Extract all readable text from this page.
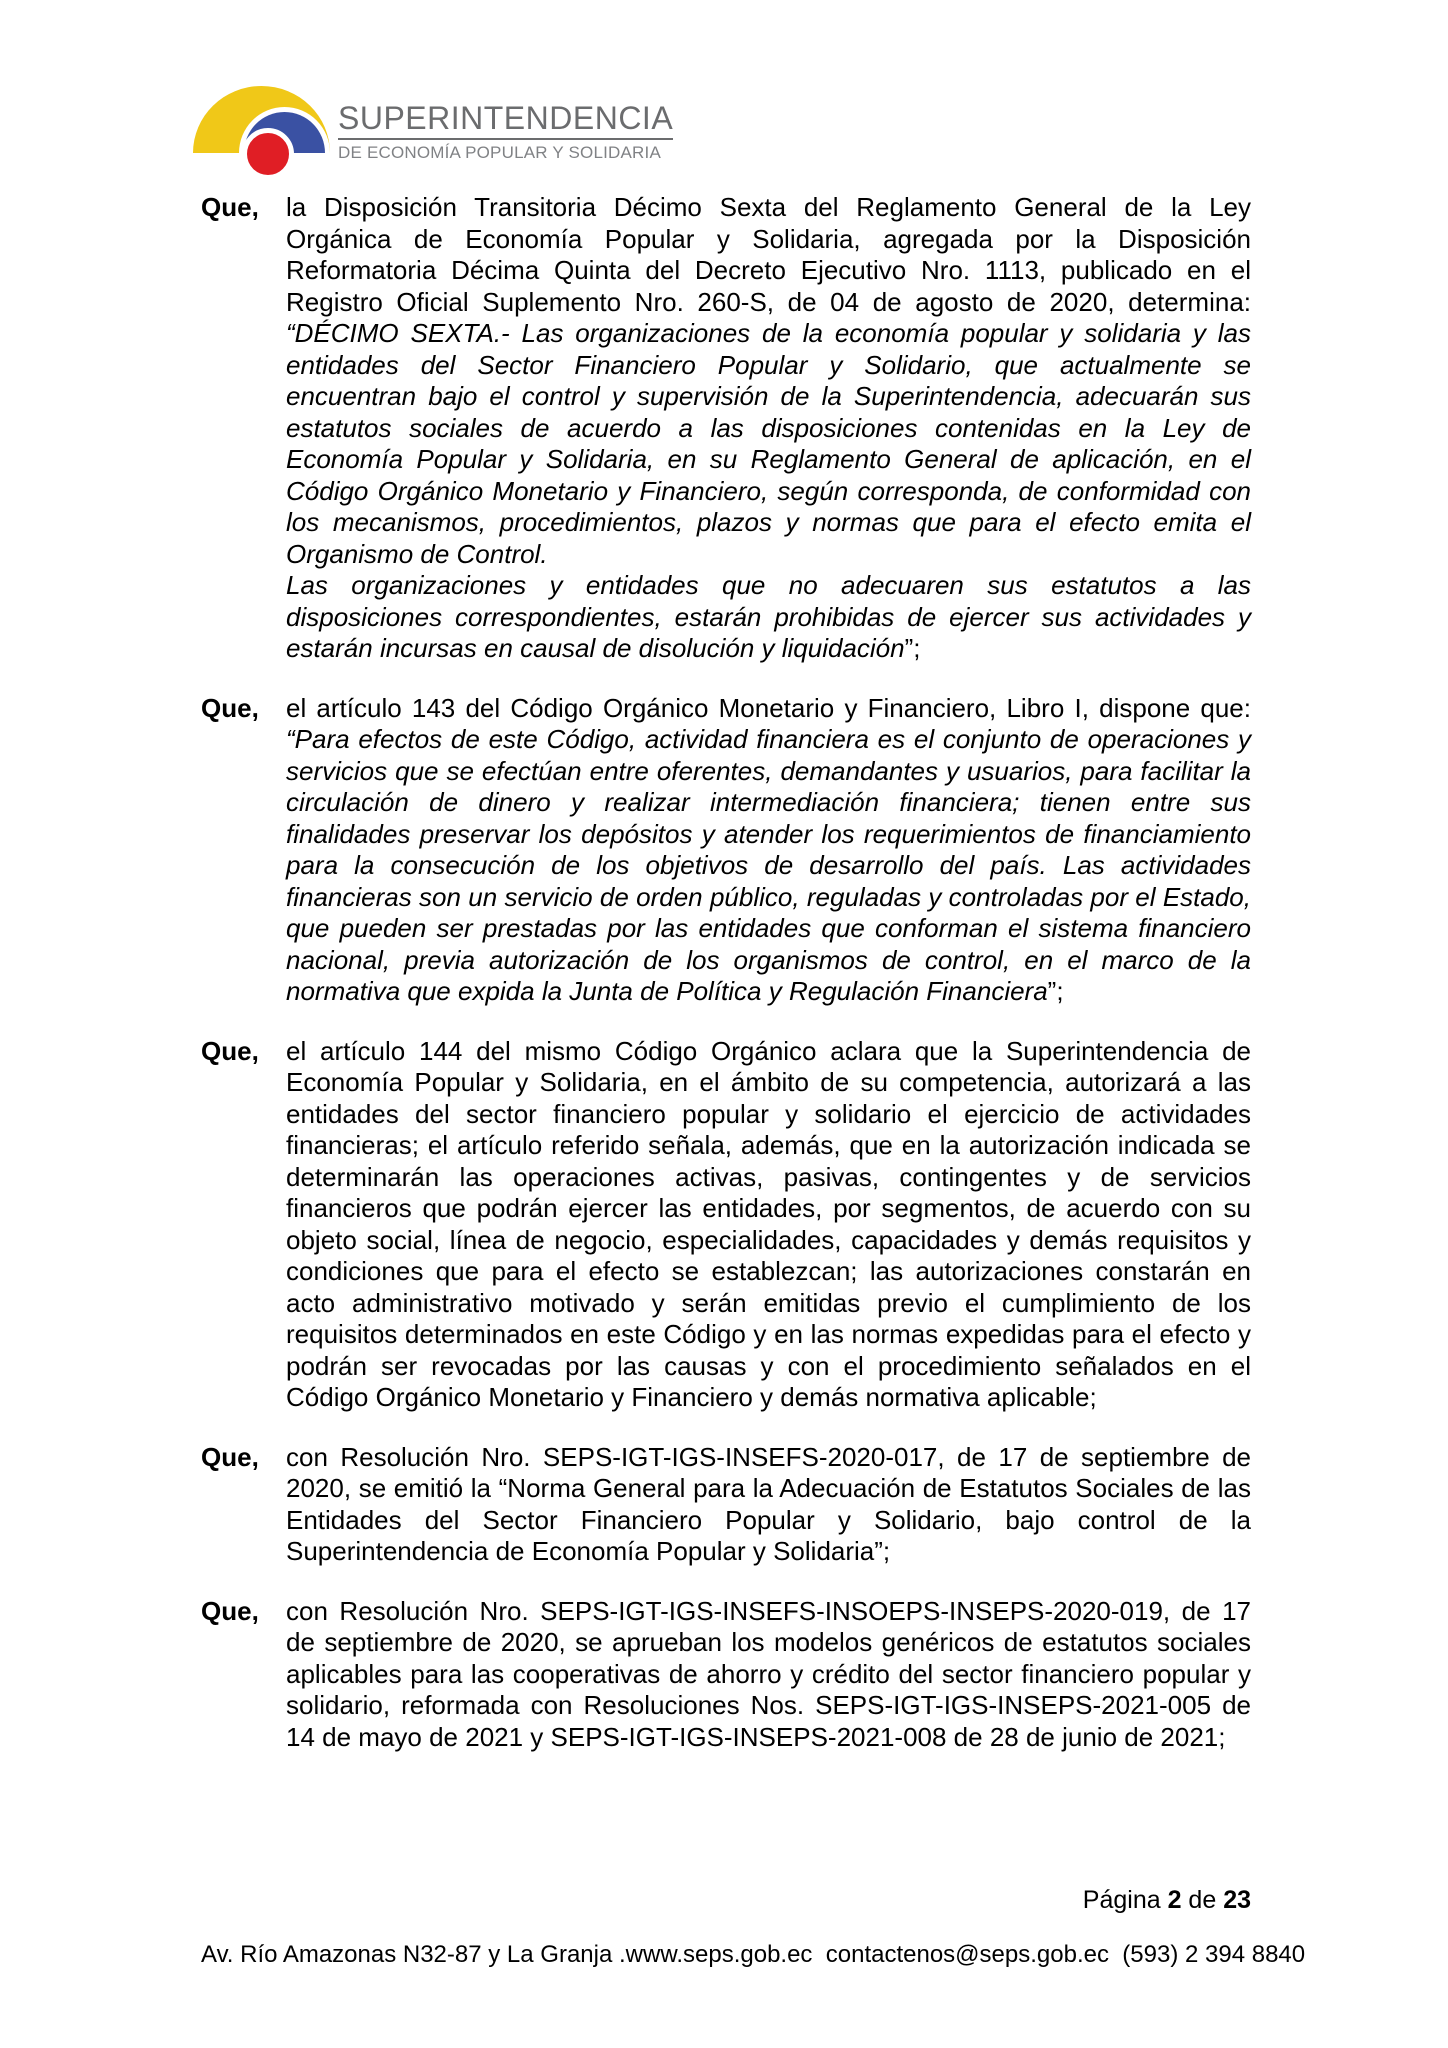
SUPERINTENDENCIA
DE ECONOMÍA POPULAR Y SOLIDARIA
Que,	la Disposición Transitoria Décimo Sexta del Reglamento General de la Ley Orgánica de Economía Popular y Solidaria, agregada por la Disposición Reformatoria Décima Quinta del Decreto Ejecutivo Nro. 1113, publicado en el Registro Oficial Suplemento Nro. 260-S, de 04 de agosto de 2020, determina: “DÉCIMO SEXTA.- Las organizaciones de la economía popular y solidaria y las entidades del Sector Financiero Popular y Solidario, que actualmente se encuentran bajo el control y supervisión de la Superintendencia, adecuarán sus estatutos sociales de acuerdo a las disposiciones contenidas en la Ley de Economía Popular y Solidaria, en su Reglamento General de aplicación, en el Código Orgánico Monetario y Financiero, según corresponda, de conformidad con los mecanismos, procedimientos, plazos y normas que para el efecto emita el Organismo de Control.
Las organizaciones y entidades que no adecuaren sus estatutos a las disposiciones correspondientes, estarán prohibidas de ejercer sus actividades y estarán incursas en causal de disolución y liquidación”;
Que,	el artículo 143 del Código Orgánico Monetario y Financiero, Libro I, dispone que: “Para efectos de este Código, actividad financiera es el conjunto de operaciones y servicios que se efectúan entre oferentes, demandantes y usuarios, para facilitar la circulación de dinero y realizar intermediación financiera; tienen entre sus finalidades preservar los depósitos y atender los requerimientos de financiamiento para la consecución de los objetivos de desarrollo del país. Las actividades financieras son un servicio de orden público, reguladas y controladas por el Estado, que pueden ser prestadas por las entidades que conforman el sistema financiero nacional, previa autorización de los organismos de control, en el marco de la normativa que expida la Junta de Política y Regulación Financiera”;
Que,	el artículo 144 del mismo Código Orgánico aclara que la Superintendencia de Economía Popular y Solidaria, en el ámbito de su competencia, autorizará a las entidades del sector financiero popular y solidario el ejercicio de actividades financieras; el artículo referido señala, además, que en la autorización indicada se determinarán las operaciones activas, pasivas, contingentes y de servicios financieros que podrán ejercer las entidades, por segmentos, de acuerdo con su objeto social, línea de negocio, especialidades, capacidades y demás requisitos y condiciones que para el efecto se establezcan; las autorizaciones constarán en acto administrativo motivado y serán emitidas previo el cumplimiento de los requisitos determinados en este Código y en las normas expedidas para el efecto y podrán ser revocadas por las causas y con el procedimiento señalados en el Código Orgánico Monetario y Financiero y demás normativa aplicable;
Que,	con Resolución Nro. SEPS-IGT-IGS-INSEFS-2020-017, de 17 de septiembre de 2020, se emitió la “Norma General para la Adecuación de Estatutos Sociales de las Entidades del Sector Financiero Popular y Solidario, bajo control de la Superintendencia de Economía Popular y Solidaria”;
Que,	con Resolución Nro. SEPS-IGT-IGS-INSEFS-INSOEPS-INSEPS-2020-019, de 17 de septiembre de 2020, se aprueban los modelos genéricos de estatutos sociales aplicables para las cooperativas de ahorro y crédito del sector financiero popular y solidario, reformada con Resoluciones Nos. SEPS-IGT-IGS-INSEPS-2021-005 de 14 de mayo de 2021 y SEPS-IGT-IGS-INSEPS-2021-008 de 28 de junio de 2021;
Página 2 de 23
Av. Río Amazonas N32-87 y La Granja .www.seps.gob.ec  contactenos@seps.gob.ec  (593) 2 394 8840
